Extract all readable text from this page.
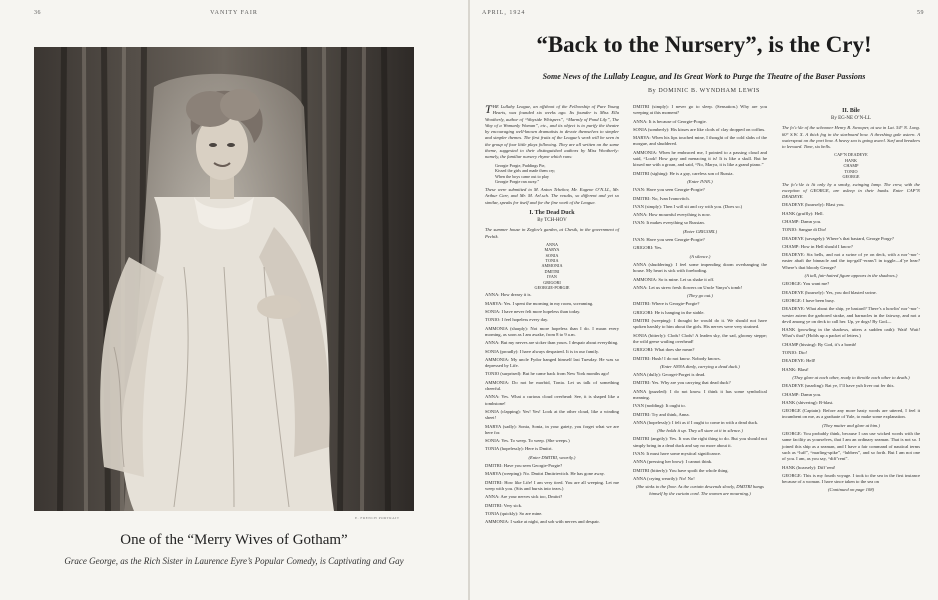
36	VANITY FAIR
E. FRENCH PORTRAIT
One of the “Merry Wives of Gotham”
Grace George, as the Rich Sister in Laurence Eyre’s Popular Comedy, is Captivating and Gay
APRIL, 1924	59
“Back to the Nursery”, is the Cry!
Some News of the Lullaby League, and Its Great Work to Purge the Theatre of the Baser Passions
By DOMINIC B. WYNDHAM LEWIS

THE Lullaby League, an offshoot of the Fellowship of Pure Young Hearts, was founded six weeks ago. Its founder is Miss Ella Wootherly, author of “Wayside Whispers”, “Marmly of Pond Lily”, The Way of a Womanly Woman”, etc., and its object is to purify the theatre by encouraging well-known dramatists to devote themselves to simpler and simpler themes. The first fruits of the League’s work will be seen in the group of four little plays following. They are all written on the same theme, suggested to their distinguished authors by Miss Wootherly: namely, the familiar nursery rhyme which runs:

Georgie Porgie, Puddings Pie,
Kissed the girls and made them cry;
When the boys came out to play
Georgie Porgie ran away.”

These were submitted to M. Anton Tchekov, Mr. Eugene O’N.LL, Mr. Arthur Carr, and Mr. M. Arl.sch. The results, so different and yet so similar, speaks for itself and for the fine work of the League.

I. The Dead Duck
By TCH-HOV

The summer house in Zeglov’s garden, at Chesik, in the government of Pechik.

ANNA
MARYA
SONIA
TONIA
AMMONIA
DMITRI
IVAN
GRIGORI
GEORGIE-PORGIE

ANNA: How dreary it is.

MARYA: Yes. I spent the morning in my room, screaming.

SONIA: I have never felt more hopeless than today.

TONIO: I feel hopeless every day.

AMMONIA (sharply): Not more hopeless than I do. I moan every morning, as soon as I am awake, from 8 to 9 a.m.

ANNA: But my nerves are sicker than yours. I despair about everything.

SONIA (proudly): I have always despaired. It is in our family.

AMMONIA: My uncle Fydor hanged himself last Tuesday. He was so depressed by Life.

TONIO (surprised): But he came back from New York months ago!

AMMONIA: Do not be morbid, Tonia. Let us talk of something cheerful.

ANNA: Yes. What a curious cloud overhead: See, it is shaped like a tombstone!

SONIA (clapping): Yes! Yes! Look at the other cloud, like a winding sheet!

MARYA (sadly): Sonia, Sonia, in your gaiety, you forget what we are here for.

SONIA: Yes. To weep. To weep. (She weeps.)

TONIA (hopelessly): Here is Dmitri.

(Enter DMITRI, wearily.)

DMITRI: Have you seen Georgie-Porgie?

MARYA (weeping): No. Dmitri Dmitrievitch. He has gone away.

DMITRI: How like Life! I am very tired. You are all weeping. Let me weep with you. (Sits and bursts into tears.)

ANNA: Are your nerves sick too, Dmitri?

DMITRI: Very sick.

TONIA (quickly): So are mine.

AMMONIA: I wake at night, and sob with nerves and despair.

DMITRI (simply): I never go to sleep. (Sensation.) Why are you weeping at this moment?

ANNA: It is because of Georgie-Porgie.

SONIA (somberly): His kisses are like clods of clay dropped on coffins.

MARYA: When his lips touched mine, I thought of the cold slabs of the morgue, and shuddered.

AMMONIA: When he embraced me, I pointed to a passing cloud and said, “Look! How gray and menacing it is! It is like a skull. But he kissed me with a groan, and said, “No, Marya, it is like a grand piano.”

DMITRI (sighing): He is a gay, careless son of Russia.

(Enter IVAN.)

IVAN: Have you seen Georgie-Porgie?

DMITRI: No, Ivan Ivanovitch.

IVAN (simply): Then I will sit and cry with you. (Does so.)

ANNA: How mournful everything is now.

IVAN: It makes everything so Russian.

(Enter GRIGORI.)

IVAN: Have you seen Georgie-Porgie?

GRIGORI: Yes.

(A silence.)

ANNA (shuddering): I feel some impending doom overhanging the house. My heart is sick with foreboding.

AMMONIA: So is mine. Let us shake it off.

ANNA: Let us strew fresh flowers on Uncle Vanya’s tomb!

(They go out.)

DMITRI: Where is Georgie-Porgie?

GRIGORI: He is hanging in the stable.

DMITRI (weeping): I thought he would do it. We should not have spoken harshly to him about the girls. His nerves were very strained.

SONIA (bitterly): Clods! Clods! A leaden sky, the sad, gloomy steppe; the wild geese wailing overhead!

GRIGORI: What does she mean?

DMITRI: Hush! I do not know. Nobody knows.

(Enter ANNA dimly, carrying a dead duck.)

ANNA (dully): Georgei-Porgei is dead.

DMITRI: Yes. Why are you carrying that dead duck?

ANNA (puzzled): I do not know. I think it has some symbolical meaning.

IVAN (nodding): It ought to.

DMITRI: Try and think, Anna.

ANNA (hopelessly): I felt as if I ought to come in with a dead duck.

(She holds it up. They all stare at it in silence.)

DMITRI (angrily): Yes. It was the right thing to do. But you should not simply bring in a dead duck and say no more about it.

IVAN: It must have some mystical significance.

ANNA (pressing her brow): I cannot think.

DMITRI (bitterly): You have spoilt the whole thing.

ANNA (crying wearily): No! No!

(She sinks to the floor. As the curtain descends slowly, DMITRI hangs himself by the curtain cord. The women are mourning.)

II. Bile
By EG-NE O’N-LL

The fo’c’sle of the schooner Henry B. Swooper, at sea in Lat. 54° N. Long. 60° S.W. X. A thick fog in the starboard bow. A threshing gale astern. A waterspout on the port bow. A heavy sea is going aweel. Surf and breakers to leeward. Time, six bells.

CAP’N DEADEYE
HANK
CHAMP
TONIO
GEORGE

The fo’c’sle is lit only by a smoky, swinging lamp. The crew, with the exception of GEORGE, are asleep in their bunks. Enter CAP’N DEADEYE.

DEADEYE (hoarsely): Blast you.

HANK (gruffly): Hell.

CHAMP: Damn you.

TONIO: Sangue di Dio!

DEADEYE (savagely): Where’s that bastard, George Porgy?

CHAMP: How in Hell should I know?

DEADEYE: Six bells, and not a swine of ye on deck, with a nor’-nor’-easter abaft the binnacle and the top-gall’-erans’l in toggle—d’ye hear? Where’s that bloody George?

(A tall, fair-haired figure appears in the shadows.)

GEORGE: You want me?

DEADEYE (hoarsely): Yes, you dod blasted swine.

GEORGE: I have been busy.

DEADEYE: What about the ship, ye bastard? There’s a howlin’ nor’-nor’-wester astern the garbored strake, and barnacles in the fairway, and not a devil among ye on deck to call her. Up, ye dogs! By God—

HANK (prowling in the shadows, utters a sudden oath): Wait! Wait! What’s that? (Holds up a packet of letters.)

CHAMP (hissing): By God, it’s a bomb!

TONIO: Dio!

DEADEYE: Hell!

HANK: Blast!

(They glare at each other, ready to throttle each other to death.)

DEADEYE (snarling): Rat ye, I’ll have yuh liver out fer this.

CHAMP: Damn you.

HANK (shivering): B-blast.

GEORGE (Captain): Before any more hasty words are uttered, I feel it incumbent on me, as a graduate of Yale, to make some explanation.

(They mutter and glare at him.)

GEORGE: You probably think, because I can use wicked words with the same facility as yourselves, that I am an ordinary seaman. That is not so. I joined this ship as a seaman, and I have a fair command of nautical terms such as “luff”, “marling-spike”, “lubbers”, and so forth. But I am not one of you. I am, as you say, “diff’rent”.

HANK (hoarsely): Diff’rent!

GEORGE: This is my fourth voyage. I took to the sea in the first instance because of a woman. I have since taken to the sea on

(Continued on page 108)
